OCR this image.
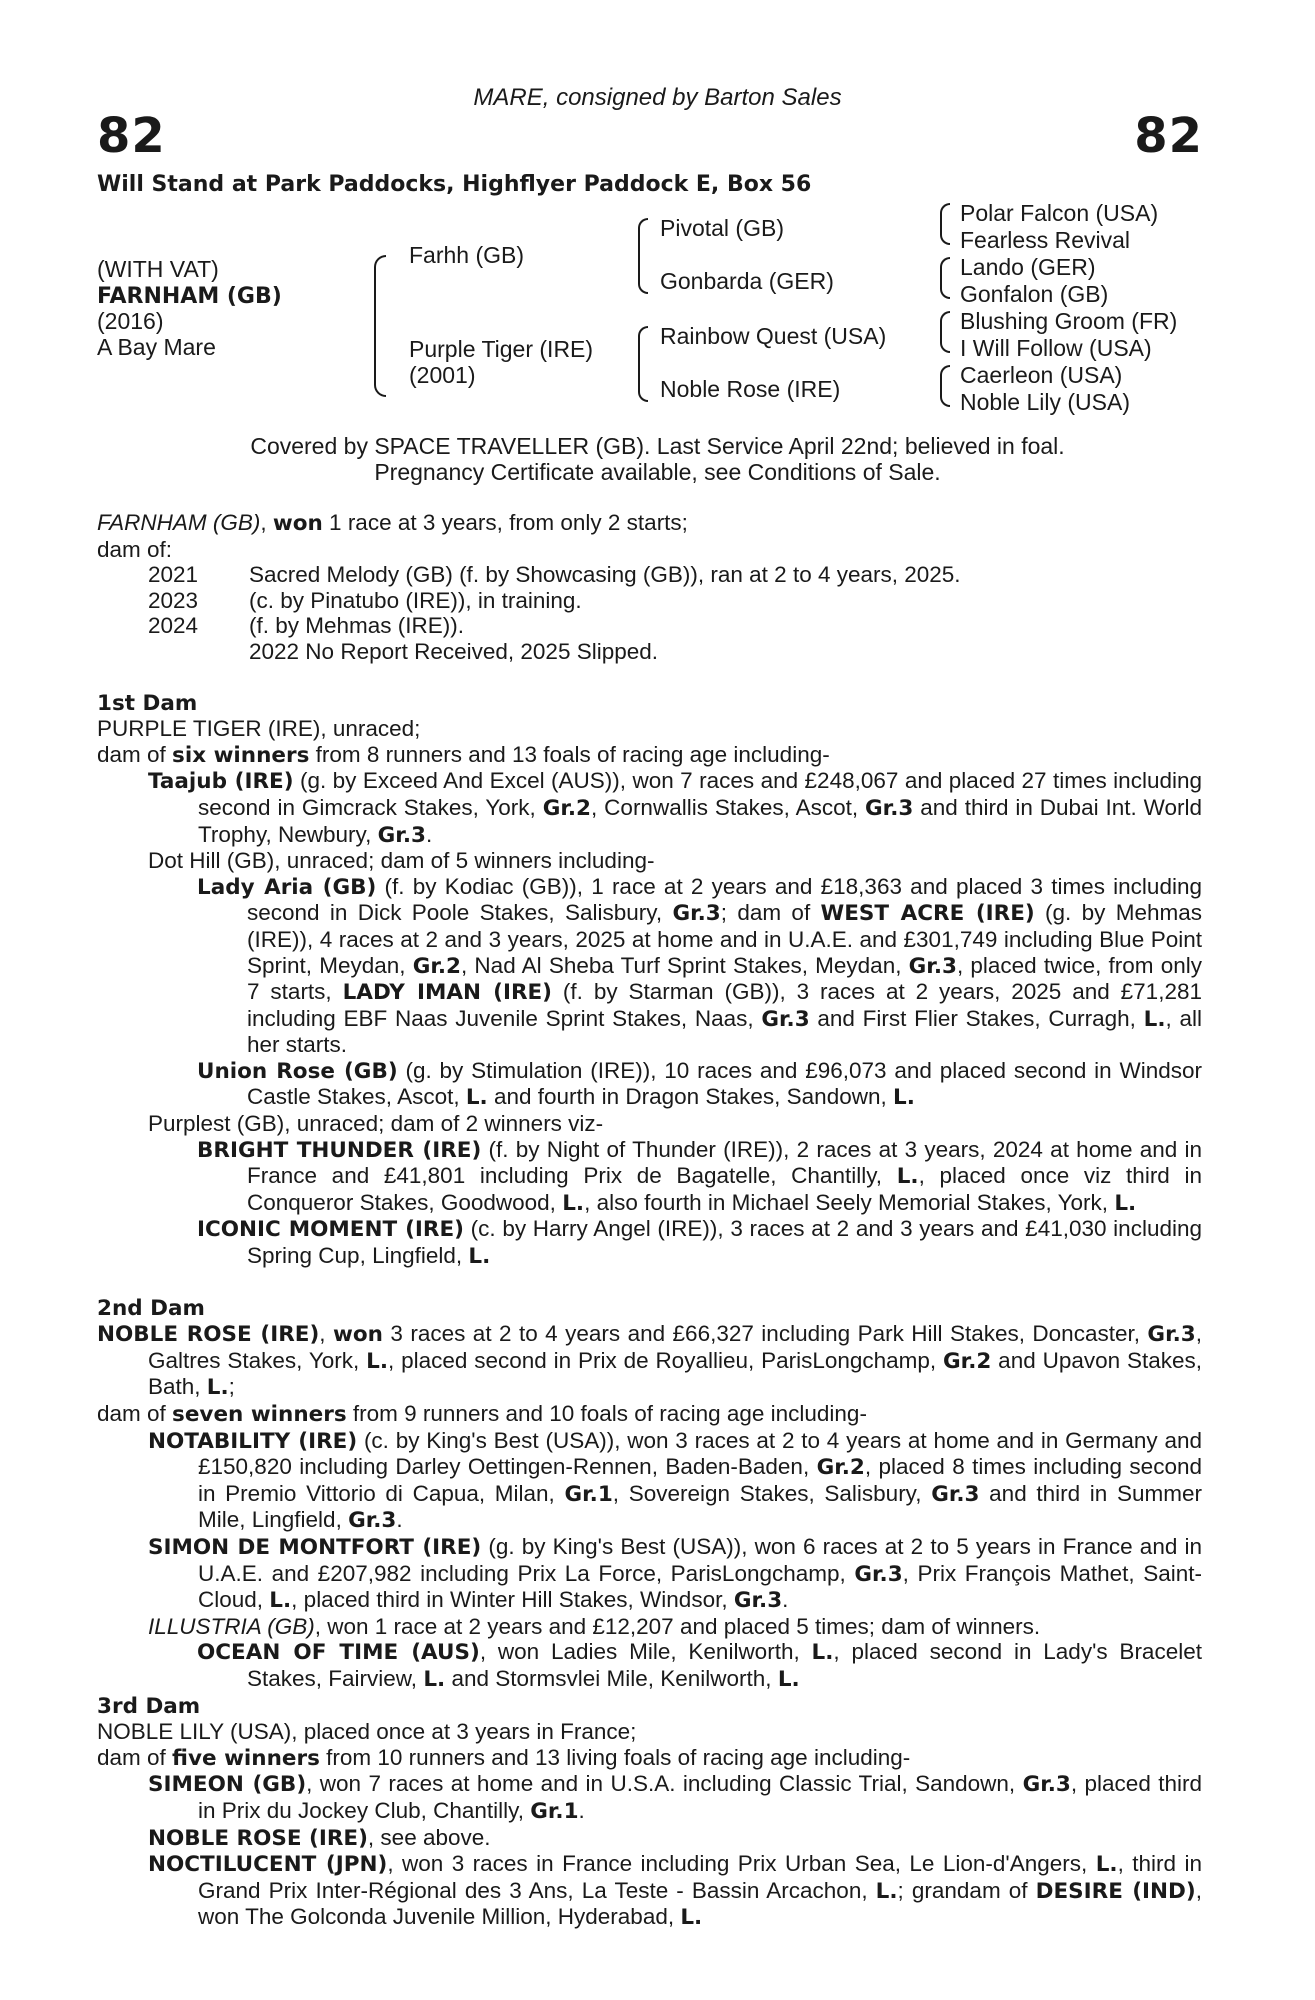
MARE, consigned by Barton Sales
82	82
Will Stand at Park Paddocks, Highflyer Paddock E, Box 56
(WITH VAT)
FARNHAM (GB)
(2016)
A Bay Mare
Farhh (GB)
Purple Tiger (IRE)
(2001)
Pivotal (GB)
Gonbarda (GER)
Rainbow Quest (USA)
Noble Rose (IRE)
Polar Falcon (USA)
Fearless Revival
Lando (GER)
Gonfalon (GB)
Blushing Groom (FR)
I Will Follow (USA)
Caerleon (USA)
Noble Lily (USA)
Covered by SPACE TRAVELLER (GB). Last Service April 22nd; believed in foal.
Pregnancy Certificate available, see Conditions of Sale.

FARNHAM (GB), won 1 race at 3 years, from only 2 starts;

dam of:

2021	Sacred Melody (GB) (f. by Showcasing (GB)), ran at 2 to 4 years, 2025.
2023	(c. by Pinatubo (IRE)), in training.
2024	(f. by Mehmas (IRE)).
2022 No Report Received, 2025 Slipped.

1st Dam

PURPLE TIGER (IRE), unraced;

dam of six winners from 8 runners and 13 foals of racing age including-

Taajub (IRE) (g. by Exceed And Excel (AUS)), won 7 races and £248,067 and placed 27 times including second in Gimcrack Stakes, York, Gr.2, Cornwallis Stakes, Ascot, Gr.3 and third in Dubai Int. World Trophy, Newbury, Gr.3.

Dot Hill (GB), unraced; dam of 5 winners including-

Lady Aria (GB) (f. by Kodiac (GB)), 1 race at 2 years and £18,363 and placed 3 times including second in Dick Poole Stakes, Salisbury, Gr.3; dam of WEST ACRE (IRE) (g. by Mehmas (IRE)), 4 races at 2 and 3 years, 2025 at home and in U.A.E. and £301,749 including Blue Point Sprint, Meydan, Gr.2, Nad Al Sheba Turf Sprint Stakes, Meydan, Gr.3, placed twice, from only 7 starts, LADY IMAN (IRE) (f. by Starman (GB)), 3 races at 2 years, 2025 and £71,281 including EBF Naas Juvenile Sprint Stakes, Naas, Gr.3 and First Flier Stakes, Curragh, L., all her starts.

Union Rose (GB) (g. by Stimulation (IRE)), 10 races and £96,073 and placed second in Windsor Castle Stakes, Ascot, L. and fourth in Dragon Stakes, Sandown, L.

Purplest (GB), unraced; dam of 2 winners viz-

BRIGHT THUNDER (IRE) (f. by Night of Thunder (IRE)), 2 races at 3 years, 2024 at home and in France and £41,801 including Prix de Bagatelle, Chantilly, L., placed once viz third in Conqueror Stakes, Goodwood, L., also fourth in Michael Seely Memorial Stakes, York, L.

ICONIC MOMENT (IRE) (c. by Harry Angel (IRE)), 3 races at 2 and 3 years and £41,030 including Spring Cup, Lingfield, L.

2nd Dam

NOBLE ROSE (IRE), won 3 races at 2 to 4 years and £66,327 including Park Hill Stakes, Doncaster, Gr.3, Galtres Stakes, York, L., placed second in Prix de Royallieu, ParisLongchamp, Gr.2 and Upavon Stakes, Bath, L.;

dam of seven winners from 9 runners and 10 foals of racing age including-

NOTABILITY (IRE) (c. by King's Best (USA)), won 3 races at 2 to 4 years at home and in Germany and £150,820 including Darley Oettingen-Rennen, Baden-Baden, Gr.2, placed 8 times including second in Premio Vittorio di Capua, Milan, Gr.1, Sovereign Stakes, Salisbury, Gr.3 and third in Summer Mile, Lingfield, Gr.3.

SIMON DE MONTFORT (IRE) (g. by King's Best (USA)), won 6 races at 2 to 5 years in France and in U.A.E. and £207,982 including Prix La Force, ParisLongchamp, Gr.3, Prix François Mathet, Saint-Cloud, L., placed third in Winter Hill Stakes, Windsor, Gr.3.

ILLUSTRIA (GB), won 1 race at 2 years and £12,207 and placed 5 times; dam of winners.

OCEAN OF TIME (AUS), won Ladies Mile, Kenilworth, L., placed second in Lady's Bracelet Stakes, Fairview, L. and Stormsvlei Mile, Kenilworth, L.

3rd Dam

NOBLE LILY (USA), placed once at 3 years in France;

dam of five winners from 10 runners and 13 living foals of racing age including-

SIMEON (GB), won 7 races at home and in U.S.A. including Classic Trial, Sandown, Gr.3, placed third in Prix du Jockey Club, Chantilly, Gr.1.

NOBLE ROSE (IRE), see above.

NOCTILUCENT (JPN), won 3 races in France including Prix Urban Sea, Le Lion-d'Angers, L., third in Grand Prix Inter-Régional des 3 Ans, La Teste - Bassin Arcachon, L.; grandam of DESIRE (IND), won The Golconda Juvenile Million, Hyderabad, L.
